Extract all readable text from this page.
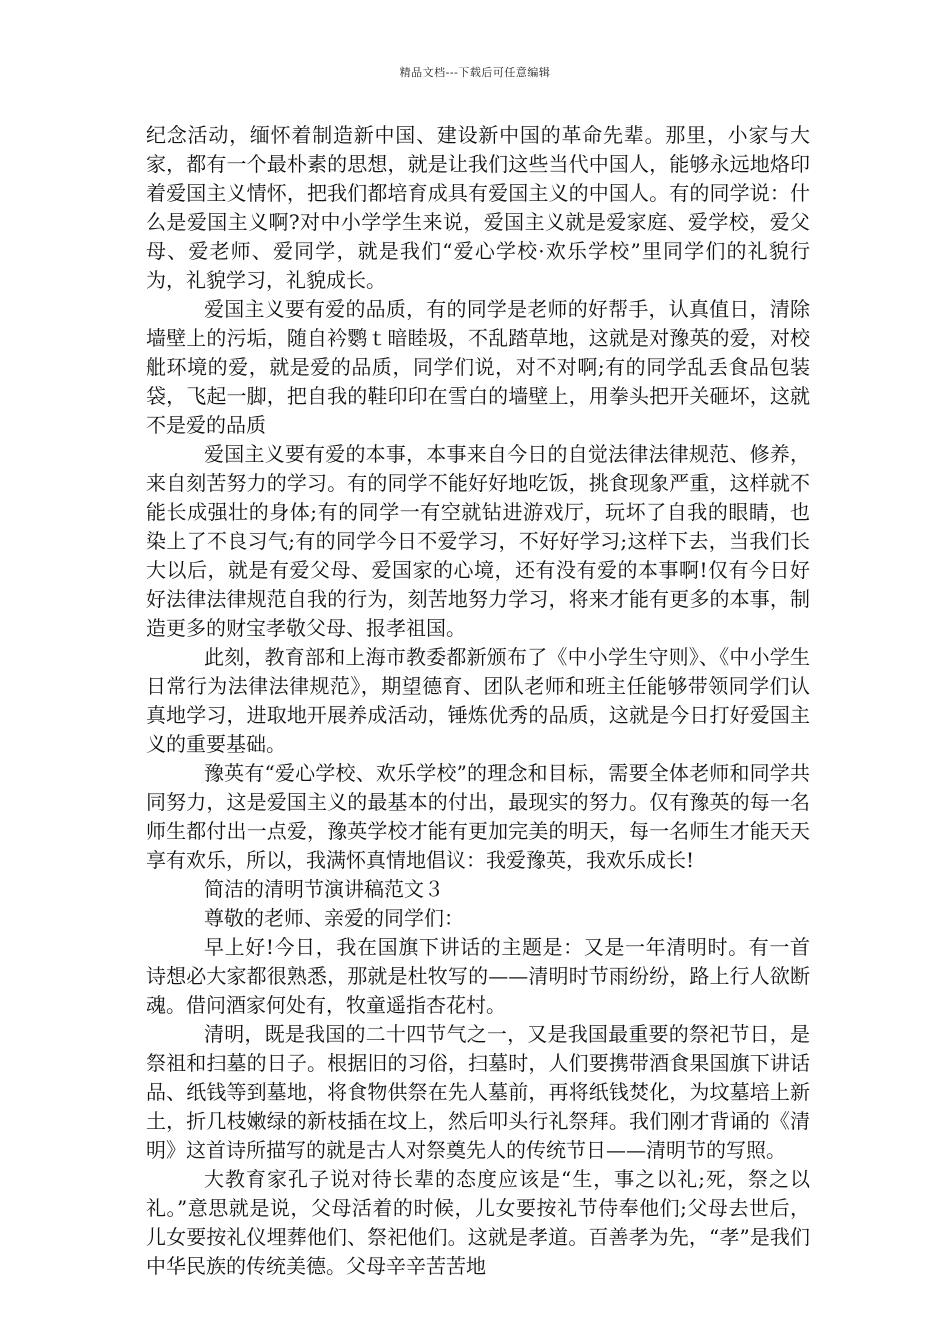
精品文档---下载后可任意编辑

纪念活动，缅怀着制造新中国、建设新中国的革命先辈。那里，小家与大家，都有一个最朴素的思想，就是让我们这些当代中国人，能够永远地烙印着爱国主义情怀，把我们都培育成具有爱国主义的中国人。有的同学说：什么是爱国主义啊?对中小学学生来说，爱国主义就是爱家庭、爱学校，爱父母、爱老师、爱同学，就是我们“爱心学校·欢乐学校”里同学们的礼貌行为，礼貌学习，礼貌成长。

爱国主义要有爱的品质，有的同学是老师的好帮手，认真值日，清除墙壁上的污垢，随自衿鹦ｔ暗睦圾，不乱踏草地，这就是对豫英的爱，对校舭环境的爱，就是爱的品质，同学们说，对不对啊;有的同学乱丢食品包装袋，飞起一脚，把自我的鞋印印在雪白的墙壁上，用拳头把开关砸坏，这就不是爱的品质

爱国主义要有爱的本事，本事来自今日的自觉法律法律规范、修养，来自刻苦努力的学习。有的同学不能好好地吃饭，挑食现象严重，这样就不能长成强壮的身体;有的同学一有空就钻进游戏厅，玩坏了自我的眼睛，也染上了不良习气;有的同学今日不爱学习，不好好学习;这样下去，当我们长大以后，就是有爱父母、爱国家的心境，还有没有爱的本事啊!仅有今日好好法律法律规范自我的行为，刻苦地努力学习，将来才能有更多的本事，制造更多的财宝孝敬父母、报孝祖国。

此刻，教育部和上海市教委都新颁布了《中小学生守则》、《中小学生日常行为法律法律规范》，期望德育、团队老师和班主任能够带领同学们认真地学习，进取地开展养成活动，锤炼优秀的品质，这就是今日打好爱国主义的重要基础。

豫英有“爱心学校、欢乐学校”的理念和目标，需要全体老师和同学共同努力，这是爱国主义的最基本的付出，最现实的努力。仅有豫英的每一名师生都付出一点爱，豫英学校才能有更加完美的明天，每一名师生才能天天享有欢乐，所以，我满怀真情地倡议：我爱豫英，我欢乐成长!

简洁的清明节演讲稿范文３

尊敬的老师、亲爱的同学们：

早上好!今日，我在国旗下讲话的主题是：又是一年清明时。有一首诗想必大家都很熟悉，那就是杜牧写的——清明时节雨纷纷，路上行人欲断魂。借问酒家何处有，牧童遥指杏花村。

清明，既是我国的二十四节气之一，又是我国最重要的祭祀节日，是祭祖和扫墓的日子。根据旧的习俗，扫墓时，人们要携带酒食果国旗下讲话品、纸钱等到墓地，将食物供祭在先人墓前，再将纸钱焚化，为坟墓培上新土，折几枝嫩绿的新枝插在坟上，然后叩头行礼祭拜。我们刚才背诵的《清明》这首诗所描写的就是古人对祭奠先人的传统节日——清明节的写照。

大教育家孔子说对待长辈的态度应该是“生，事之以礼;死，祭之以礼。”意思就是说，父母活着的时候，儿女要按礼节侍奉他们;父母去世后，儿女要按礼仪埋葬他们、祭祀他们。这就是孝道。百善孝为先，“孝”是我们中华民族的传统美德。父母辛辛苦苦地
